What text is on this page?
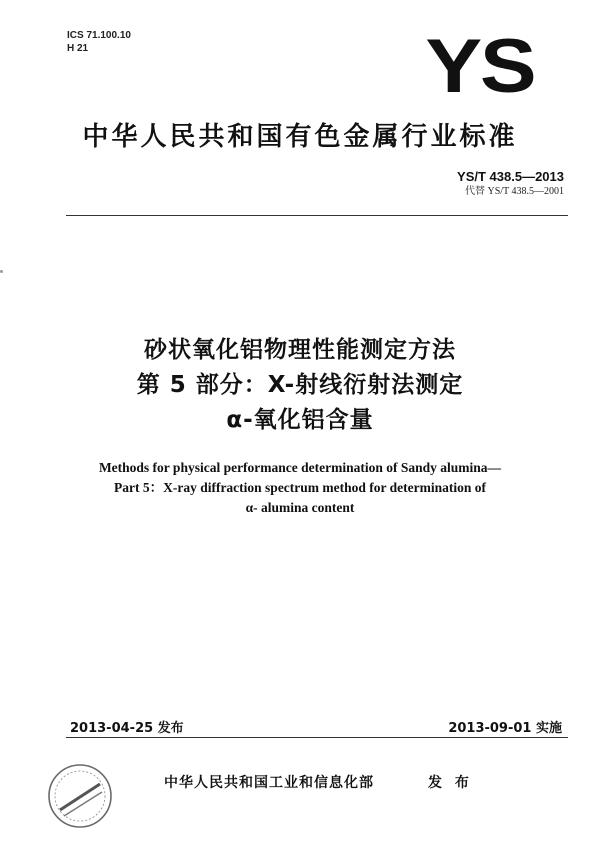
ICS 71.100.10
H 21	YS
中华人民共和国有色金属行业标准
YS/T 438.5—2013
代替 YS/T 438.5—2001
砂状氧化铝物理性能测定方法
第 5 部分：X-射线衍射法测定
α-氧化铝含量
Methods for physical performance determination of Sandy alumina—
Part 5：X-ray diffraction spectrum method for determination of
α- alumina content
2013-04-25 发布	2013-09-01 实施
中华人民共和国工业和信息化部	发 布
